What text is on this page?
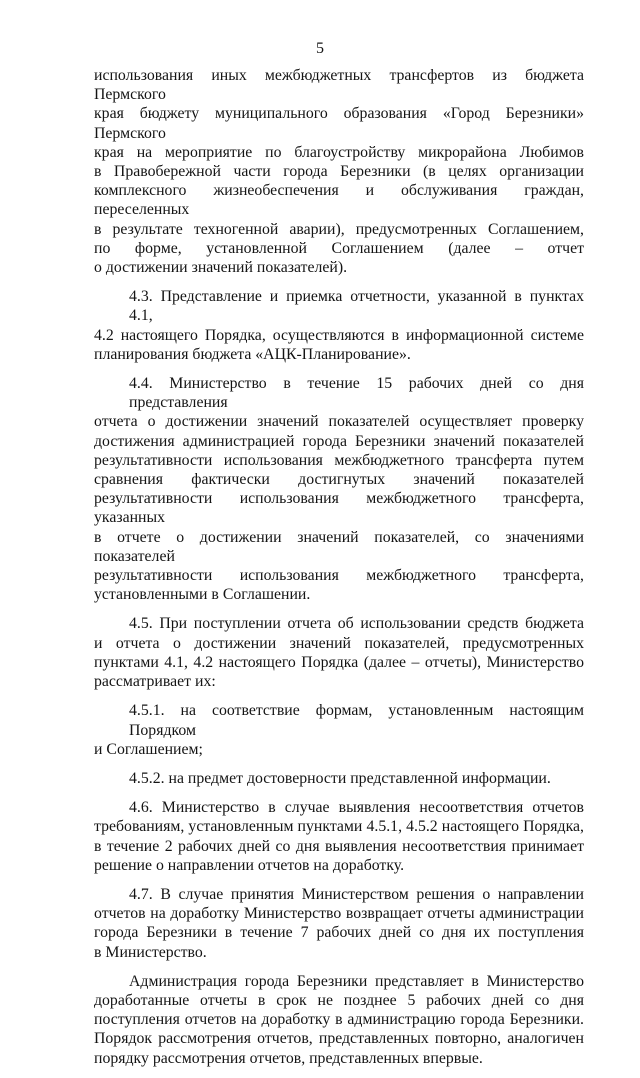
5
использования иных межбюджетных трансфертов из бюджета Пермского
края бюджету муниципального образования «Город Березники» Пермского
края на мероприятие по благоустройству микрорайона Любимов
в Правобережной части города Березники (в целях организации
комплексного жизнеобеспечения и обслуживания граждан, переселенных
в результате техногенной аварии), предусмотренных Соглашением,
по форме, установленной Соглашением (далее – отчет
о достижении значений показателей).
4.3. Представление и приемка отчетности, указанной в пунктах 4.1,
4.2 настоящего Порядка, осуществляются в информационной системе
планирования бюджета «АЦК-Планирование».
4.4. Министерство в течение 15 рабочих дней со дня представления
отчета о достижении значений показателей осуществляет проверку
достижения администрацией города Березники значений показателей
результативности использования межбюджетного трансферта путем
сравнения фактически достигнутых значений показателей
результативности использования межбюджетного трансферта, указанных
в отчете о достижении значений показателей, со значениями показателей
результативности использования межбюджетного трансферта,
установленными в Соглашении.
4.5. При поступлении отчета об использовании средств бюджета
и отчета о достижении значений показателей, предусмотренных
пунктами 4.1, 4.2 настоящего Порядка (далее – отчеты), Министерство
рассматривает их:
4.5.1. на соответствие формам, установленным настоящим Порядком
и Соглашением;
4.5.2. на предмет достоверности представленной информации.
4.6. Министерство в случае выявления несоответствия отчетов
требованиям, установленным пунктами 4.5.1, 4.5.2 настоящего Порядка,
в течение 2 рабочих дней со дня выявления несоответствия принимает
решение о направлении отчетов на доработку.
4.7. В случае принятия Министерством решения о направлении
отчетов на доработку Министерство возвращает отчеты администрации
города Березники в течение 7 рабочих дней со дня их поступления
в Министерство.
Администрация города Березники представляет в Министерство
доработанные отчеты в срок не позднее 5 рабочих дней со дня
поступления отчетов на доработку в администрацию города Березники.
Порядок рассмотрения отчетов, представленных повторно, аналогичен
порядку рассмотрения отчетов, представленных впервые.
